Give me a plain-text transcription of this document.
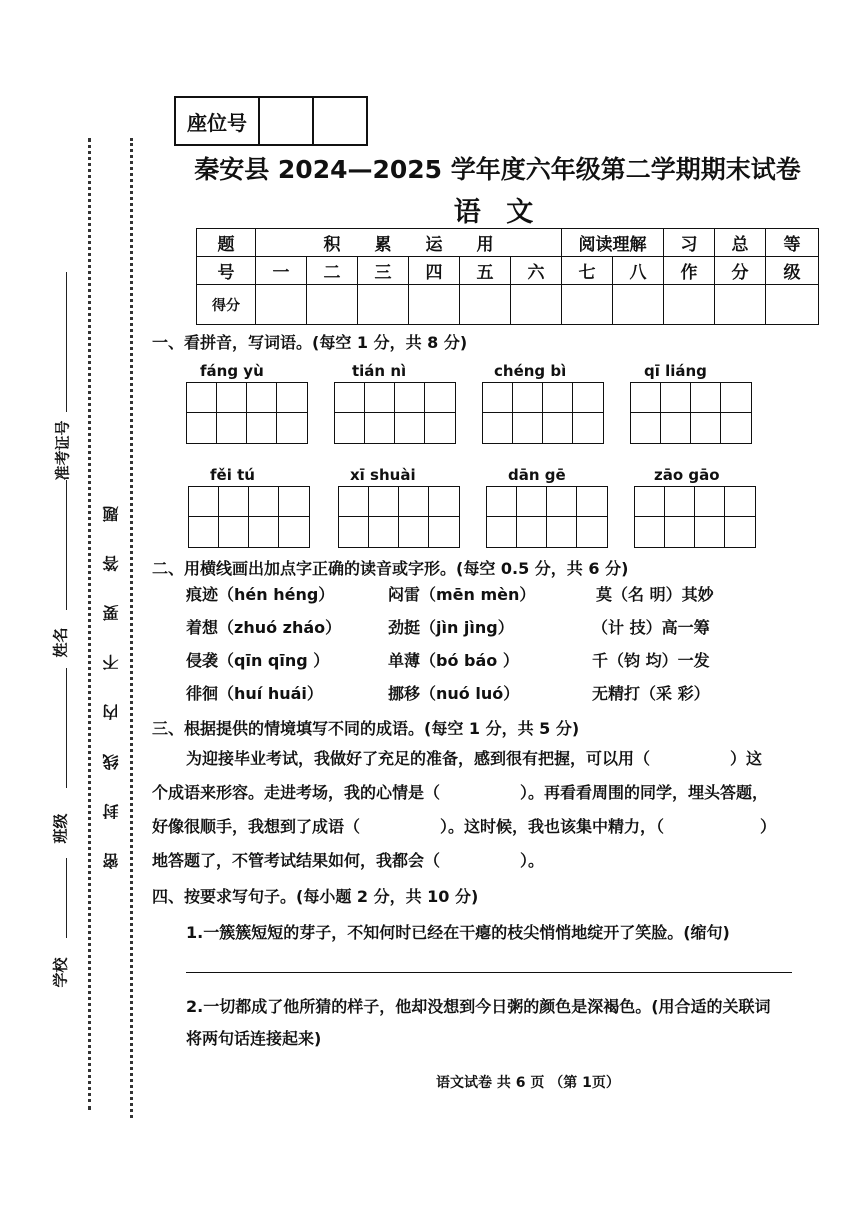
密 封 线 内 不 要 答 题
准考证号
姓名
班级
学校
座位号
秦安县 2024—2025 学年度六年级第二学期期末试卷
语 文
题	积　　累　　运　　用						阅读理解		习	总	等
号	一	二	三	四	五	六	七	八	作	分	级
得分											
一、看拼音，写词语。(每空 1 分，共 8 分)
fáng yù	tián nì	chéng bì	qī liáng
fěi tú	xī shuài	dān gē	zāo gāo
二、用横线画出加点字正确的读音或字形。(每空 0.5 分，共 6 分)
痕迹（hén héng）	闷雷（mēn mèn）	莫（名 明）其妙
着想（zhuó zháo）	劲挺（jìn jìng）	（计 技）高一筹
侵袭（qīn qīng ）	单薄（bó báo ）	千（钧 均）一发
徘徊（huí huái）	挪移（nuó luó）	无精打（采 彩）
三、根据提供的情境填写不同的成语。(每空 1 分，共 5 分)
为迎接毕业考试，我做好了充足的准备，感到很有把握，可以用（　　　　　）这
个成语来形容。走进考场，我的心情是（　　　　　）。再看看周围的同学，埋头答题，
好像很顺手，我想到了成语（　　　　　）。这时候，我也该集中精力，（　　　　　　）
地答题了，不管考试结果如何，我都会（　　　　　）。
四、按要求写句子。(每小题 2 分，共 10 分)
1.一簇簇短短的芽子，不知何时已经在干瘪的枝尖悄悄地绽开了笑脸。(缩句)
2.一切都成了他所猜的样子，他却没想到今日粥的颜色是深褐色。(用合适的关联词
将两句话连接起来)
语文试卷 共 6 页 （第 1页）
